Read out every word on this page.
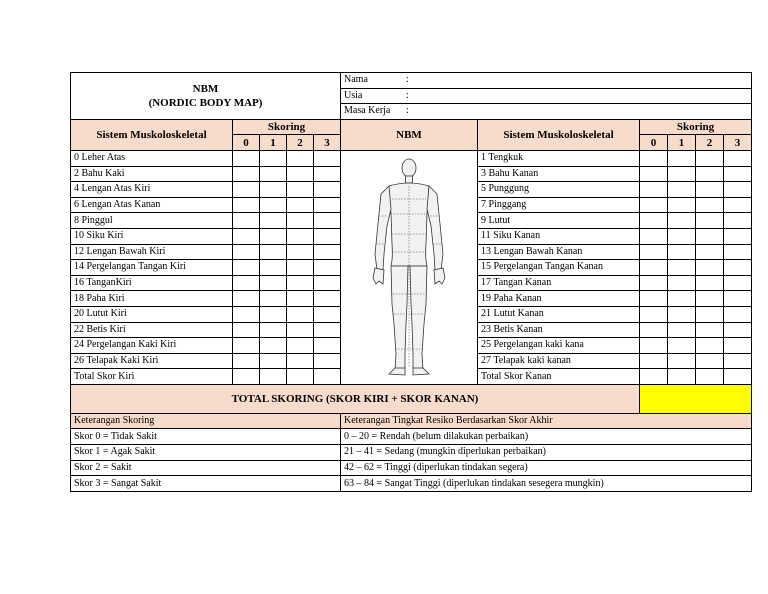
NBM
(NORDIC BODY MAP)					Nama :					
					Usia :					
					Masa Kerja :					
Sistem Muskoloskeletal	Skoring				NBM	Sistem Muskoloskeletal	Skoring			
	0	1	2	3			0	1	2	3
0 Leher Atas						1 Tengkuk				
2 Bahu Kaki						3 Bahu Kanan				
4 Lengan Atas Kiri						5 Punggung				
6 Lengan Atas Kanan						7 Pinggang				
8 Pinggul						9 Lutut				
10 Siku Kiri						11 Siku Kanan				
12 Lengan Bawah Kiri						13 Lengan Bawah Kanan				
14 Pergelangan Tangan Kiri						15 Pergelangan Tangan Kanan				
16 TanganKiri						17 Tangan Kanan				
18 Paha Kiri						19 Paha Kanan				
20 Lutut Kiri						21 Lutut Kanan				
22 Betis Kiri						23 Betis Kanan				
24 Pergelangan Kaki Kiri						25 Pergelangan kaki kana				
26 Telapak Kaki Kiri						27 Telapak kaki kanan				
Total Skor Kiri						Total Skor Kanan				
TOTAL SKORING (SKOR KIRI + SKOR KANAN)										
Keterangan Skoring					Keterangan Tingkat Resiko Berdasarkan Skor Akhir					
Skor 0 = Tidak Sakit					0 – 20 = Rendah (belum dilakukan perbaikan)					
Skor 1 = Agak Sakit					21 – 41 = Sedang (mungkin diperlukan perbaikan)					
Skor 2 = Sakit					42 – 62 = Tinggi (diperlukan tindakan segera)					
Skor 3 = Sangat Sakit					63 – 84 = Sangat Tinggi (diperlukan tindakan sesegera mungkin)					
